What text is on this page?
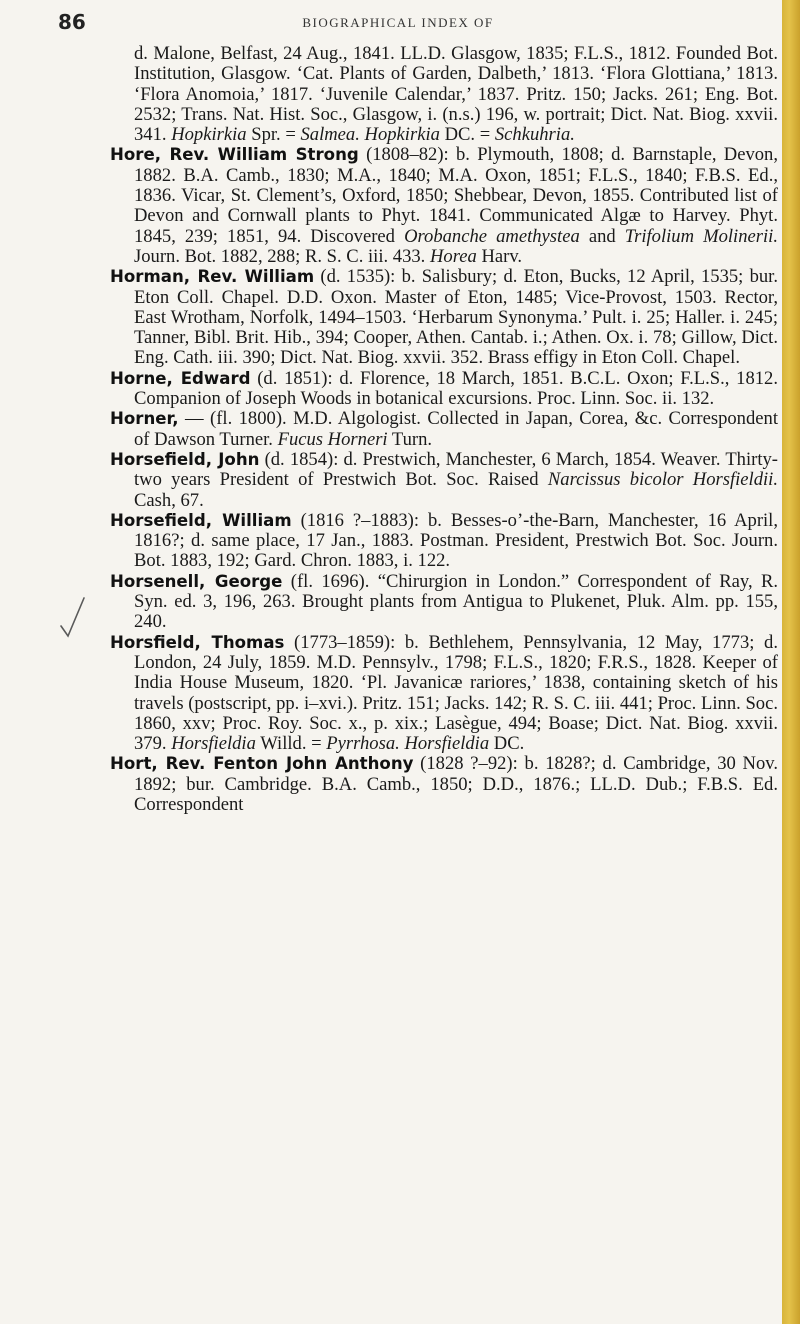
86	BIOGRAPHICAL INDEX OF

d. Malone, Belfast, 24 Aug., 1841. LL.D. Glasgow, 1835; F.L.S., 1812. Founded Bot. Institution, Glasgow. ‘Cat. Plants of Garden, Dalbeth,’ 1813. ‘Flora Glottiana,’ 1813. ‘Flora Anomoia,’ 1817. ‘Juvenile Calendar,’ 1837. Pritz. 150; Jacks. 261; Eng. Bot. 2532; Trans. Nat. Hist. Soc., Glasgow, i. (n.s.) 196, w. portrait; Dict. Nat. Biog. xxvii. 341. Hopkirkia Spr. = Salmea. Hopkirkia DC. = Schkuhria.

Hore, Rev. William Strong (1808–82): b. Plymouth, 1808; d. Barnstaple, Devon, 1882. B.A. Camb., 1830; M.A., 1840; M.A. Oxon, 1851; F.L.S., 1840; F.B.S. Ed., 1836. Vicar, St. Clement’s, Oxford, 1850; Shebbear, Devon, 1855. Contributed list of Devon and Cornwall plants to Phyt. 1841. Communicated Algæ to Harvey. Phyt. 1845, 239; 1851, 94. Discovered Orobanche amethystea and Trifolium Molinerii. Journ. Bot. 1882, 288; R. S. C. iii. 433. Horea Harv.

Horman, Rev. William (d. 1535): b. Salisbury; d. Eton, Bucks, 12 April, 1535; bur. Eton Coll. Chapel. D.D. Oxon. Master of Eton, 1485; Vice-Provost, 1503. Rector, East Wrotham, Norfolk, 1494–1503. ‘Herbarum Synonyma.’ Pult. i. 25; Haller. i. 245; Tanner, Bibl. Brit. Hib., 394; Cooper, Athen. Cantab. i.; Athen. Ox. i. 78; Gillow, Dict. Eng. Cath. iii. 390; Dict. Nat. Biog. xxvii. 352. Brass effigy in Eton Coll. Chapel.

Horne, Edward (d. 1851): d. Florence, 18 March, 1851. B.C.L. Oxon; F.L.S., 1812. Companion of Joseph Woods in botanical excursions. Proc. Linn. Soc. ii. 132.

Horner, — (fl. 1800). M.D. Algologist. Collected in Japan, Corea, &c. Correspondent of Dawson Turner. Fucus Horneri Turn.

Horsefield, John (d. 1854): d. Prestwich, Manchester, 6 March, 1854. Weaver. Thirty-two years President of Prestwich Bot. Soc. Raised Narcissus bicolor Horsfieldii. Cash, 67.

Horsefield, William (1816 ?–1883): b. Besses-o’-the-Barn, Manchester, 16 April, 1816?; d. same place, 17 Jan., 1883. Postman. President, Prestwich Bot. Soc. Journ. Bot. 1883, 192; Gard. Chron. 1883, i. 122.

Horsenell, George (fl. 1696). “Chirurgion in London.” Correspondent of Ray, R. Syn. ed. 3, 196, 263. Brought plants from Antigua to Plukenet, Pluk. Alm. pp. 155, 240.

Horsfield, Thomas (1773–1859): b. Bethlehem, Pennsylvania, 12 May, 1773; d. London, 24 July, 1859. M.D. Pennsylv., 1798; F.L.S., 1820; F.R.S., 1828. Keeper of India House Museum, 1820. ‘Pl. Javanicæ rariores,’ 1838, containing sketch of his travels (postscript, pp. i–xvi.). Pritz. 151; Jacks. 142; R. S. C. iii. 441; Proc. Linn. Soc. 1860, xxv; Proc. Roy. Soc. x., p. xix.; Lasègue, 494; Boase; Dict. Nat. Biog. xxvii. 379. Horsfieldia Willd. = Pyrrhosa. Horsfieldia DC.

Hort, Rev. Fenton John Anthony (1828 ?–92): b. 1828?; d. Cambridge, 30 Nov. 1892; bur. Cambridge. B.A. Camb., 1850; D.D., 1876.; LL.D. Dub.; F.B.S. Ed. Correspondent
